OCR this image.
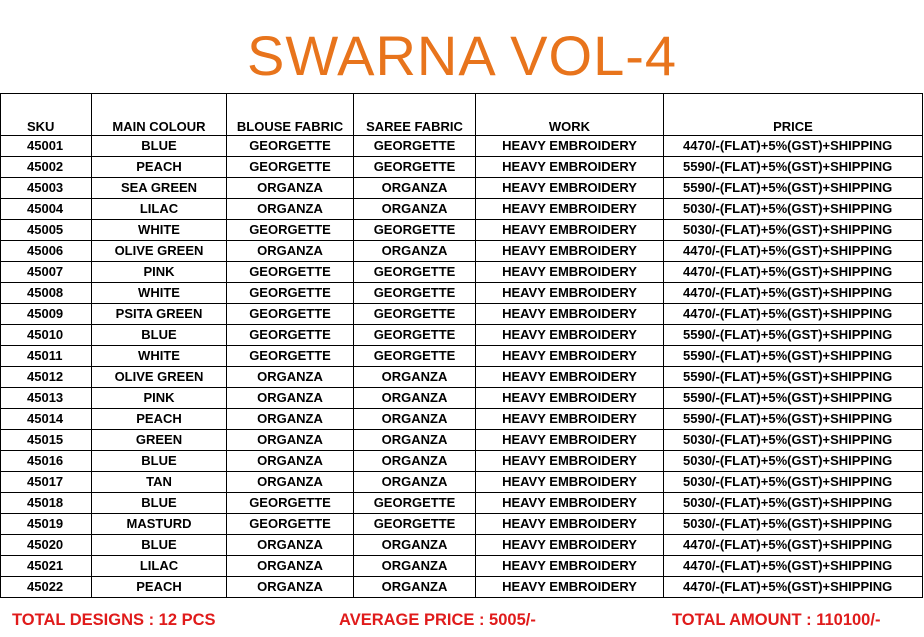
SWARNA VOL-4
SKU	MAIN COLOUR	BLOUSE FABRIC	SAREE FABRIC	WORK	PRICE
45001	BLUE	GEORGETTE	GEORGETTE	HEAVY EMBROIDERY	4470/-(FLAT)+5%(GST)+SHIPPING
45002	PEACH	GEORGETTE	GEORGETTE	HEAVY EMBROIDERY	5590/-(FLAT)+5%(GST)+SHIPPING
45003	SEA GREEN	ORGANZA	ORGANZA	HEAVY EMBROIDERY	5590/-(FLAT)+5%(GST)+SHIPPING
45004	LILAC	ORGANZA	ORGANZA	HEAVY EMBROIDERY	5030/-(FLAT)+5%(GST)+SHIPPING
45005	WHITE	GEORGETTE	GEORGETTE	HEAVY EMBROIDERY	5030/-(FLAT)+5%(GST)+SHIPPING
45006	OLIVE GREEN	ORGANZA	ORGANZA	HEAVY EMBROIDERY	4470/-(FLAT)+5%(GST)+SHIPPING
45007	PINK	GEORGETTE	GEORGETTE	HEAVY EMBROIDERY	4470/-(FLAT)+5%(GST)+SHIPPING
45008	WHITE	GEORGETTE	GEORGETTE	HEAVY EMBROIDERY	4470/-(FLAT)+5%(GST)+SHIPPING
45009	PSITA GREEN	GEORGETTE	GEORGETTE	HEAVY EMBROIDERY	4470/-(FLAT)+5%(GST)+SHIPPING
45010	BLUE	GEORGETTE	GEORGETTE	HEAVY EMBROIDERY	5590/-(FLAT)+5%(GST)+SHIPPING
45011	WHITE	GEORGETTE	GEORGETTE	HEAVY EMBROIDERY	5590/-(FLAT)+5%(GST)+SHIPPING
45012	OLIVE GREEN	ORGANZA	ORGANZA	HEAVY EMBROIDERY	5590/-(FLAT)+5%(GST)+SHIPPING
45013	PINK	ORGANZA	ORGANZA	HEAVY EMBROIDERY	5590/-(FLAT)+5%(GST)+SHIPPING
45014	PEACH	ORGANZA	ORGANZA	HEAVY EMBROIDERY	5590/-(FLAT)+5%(GST)+SHIPPING
45015	GREEN	ORGANZA	ORGANZA	HEAVY EMBROIDERY	5030/-(FLAT)+5%(GST)+SHIPPING
45016	BLUE	ORGANZA	ORGANZA	HEAVY EMBROIDERY	5030/-(FLAT)+5%(GST)+SHIPPING
45017	TAN	ORGANZA	ORGANZA	HEAVY EMBROIDERY	5030/-(FLAT)+5%(GST)+SHIPPING
45018	BLUE	GEORGETTE	GEORGETTE	HEAVY EMBROIDERY	5030/-(FLAT)+5%(GST)+SHIPPING
45019	MASTURD	GEORGETTE	GEORGETTE	HEAVY EMBROIDERY	5030/-(FLAT)+5%(GST)+SHIPPING
45020	BLUE	ORGANZA	ORGANZA	HEAVY EMBROIDERY	4470/-(FLAT)+5%(GST)+SHIPPING
45021	LILAC	ORGANZA	ORGANZA	HEAVY EMBROIDERY	4470/-(FLAT)+5%(GST)+SHIPPING
45022	PEACH	ORGANZA	ORGANZA	HEAVY EMBROIDERY	4470/-(FLAT)+5%(GST)+SHIPPING
TOTAL DESIGNS : 12 PCS	AVERAGE PRICE : 5005/-	TOTAL AMOUNT : 110100/-
